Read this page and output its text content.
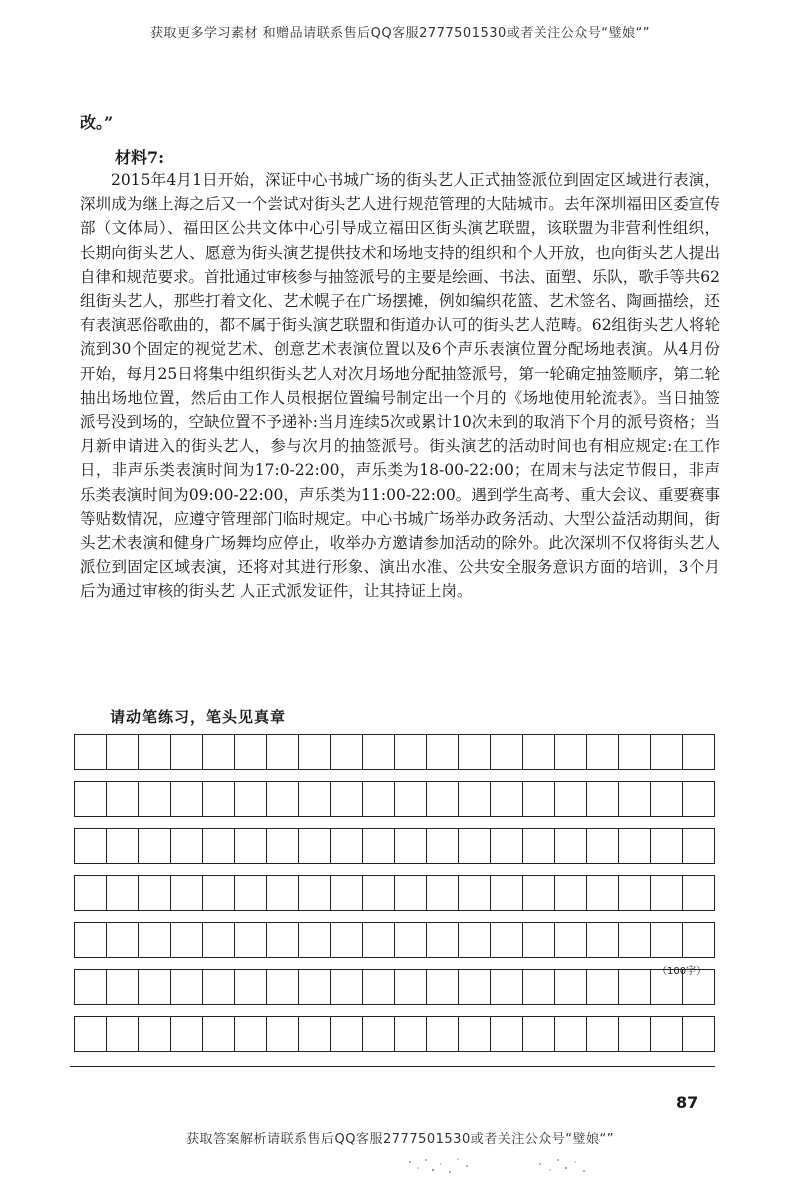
获取更多学习素材 和赠品请联系售后QQ客服2777501530或者关注公众号“璧娘“”
改。”
材料7:

2015年4月1日开始，深证中心书城广场的街头艺人正式抽签派位到固定区域进行表演，深圳成为继上海之后又一个尝试对街头艺人进行规范管理的大陆城市。去年深圳福田区委宣传部（文体局）、福田区公共文体中心引导成立福田区街头演艺联盟，该联盟为非营利性组织，长期向街头艺人、愿意为街头演艺提供技术和场地支持的组织和个人开放，也向街头艺人提出自律和规范要求。首批通过审核参与抽签派号的主要是绘画、书法、面塑、乐队，歌手等共62组街头艺人，那些打着文化、艺术幌子在广场摆摊，例如编织花篮、艺术签名、陶画描绘，还有表演恶俗歌曲的，都不属于街头演艺联盟和街道办认可的街头艺人范畴。62组街头艺人将轮流到30个固定的视觉艺术、创意艺术表演位置以及6个声乐表演位置分配场地表演。从4月份开始，每月25日将集中组织街头艺人对次月场地分配抽签派号，第一轮确定抽签顺序，第二轮抽出场地位置，然后由工作人员根据位置编号制定出一个月的《场地使用轮流表》。当日抽签派号没到场的，空缺位置不予递补:当月连续5次或累计10次未到的取消下个月的派号资格；当月新申请进入的街头艺人，参与次月的抽签派号。街头演艺的活动时间也有相应规定:在工作日，非声乐类表演时间为17:0-22:00，声乐类为18-00-22:00；在周末与法定节假日，非声乐类表演时间为09:00-22:00，声乐类为11:00-22:00。遇到学生高考、重大会议、重要赛事等贴数情况，应遵守管理部门临时规定。中心书城广场举办政务活动、大型公益活动期间，街头艺术表演和健身广场舞均应停止，收举办方邀请参加活动的除外。此次深圳不仅将街头艺人派位到固定区域表演，还将对其进行形象、演出水准、公共安全服务意识方面的培训，3个月后为通过审核的街头艺 人正式派发证件，让其持证上岗。

请动笔练习，笔头见真章
（100字）
87
获取答案解析请联系售后QQ客服2777501530或者关注公众号“璧娘“”
